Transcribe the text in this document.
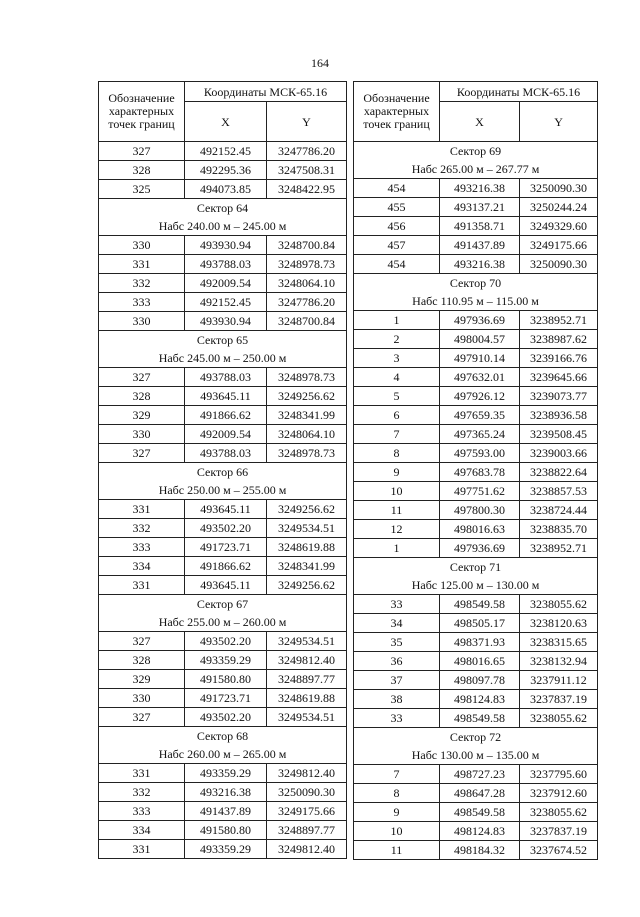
164
Обозначение характерных точек границ	Координаты МСК-65.16	
	X	Y
327	492152.45	3247786.20
328	492295.36	3247508.31
325	494073.85	3248422.95
Сектор 64		
Набс 240.00 м – 245.00 м		
330	493930.94	3248700.84
331	493788.03	3248978.73
332	492009.54	3248064.10
333	492152.45	3247786.20
330	493930.94	3248700.84
Сектор 65		
Набс 245.00 м – 250.00 м		
327	493788.03	3248978.73
328	493645.11	3249256.62
329	491866.62	3248341.99
330	492009.54	3248064.10
327	493788.03	3248978.73
Сектор 66		
Набс 250.00 м – 255.00 м		
331	493645.11	3249256.62
332	493502.20	3249534.51
333	491723.71	3248619.88
334	491866.62	3248341.99
331	493645.11	3249256.62
Сектор 67		
Набс 255.00 м – 260.00 м		
327	493502.20	3249534.51
328	493359.29	3249812.40
329	491580.80	3248897.77
330	491723.71	3248619.88
327	493502.20	3249534.51
Сектор 68		
Набс 260.00 м – 265.00 м		
331	493359.29	3249812.40
332	493216.38	3250090.30
333	491437.89	3249175.66
334	491580.80	3248897.77
331	493359.29	3249812.40
Обозначение характерных точек границ	Координаты МСК-65.16	
	X	Y
Сектор 69		
Набс 265.00 м – 267.77 м		
454	493216.38	3250090.30
455	493137.21	3250244.24
456	491358.71	3249329.60
457	491437.89	3249175.66
454	493216.38	3250090.30
Сектор 70		
Набс 110.95 м – 115.00 м		
1	497936.69	3238952.71
2	498004.57	3238987.62
3	497910.14	3239166.76
4	497632.01	3239645.66
5	497926.12	3239073.77
6	497659.35	3238936.58
7	497365.24	3239508.45
8	497593.00	3239003.66
9	497683.78	3238822.64
10	497751.62	3238857.53
11	497800.30	3238724.44
12	498016.63	3238835.70
1	497936.69	3238952.71
Сектор 71		
Набс 125.00 м – 130.00 м		
33	498549.58	3238055.62
34	498505.17	3238120.63
35	498371.93	3238315.65
36	498016.65	3238132.94
37	498097.78	3237911.12
38	498124.83	3237837.19
33	498549.58	3238055.62
Сектор 72		
Набс 130.00 м – 135.00 м		
7	498727.23	3237795.60
8	498647.28	3237912.60
9	498549.58	3238055.62
10	498124.83	3237837.19
11	498184.32	3237674.52
